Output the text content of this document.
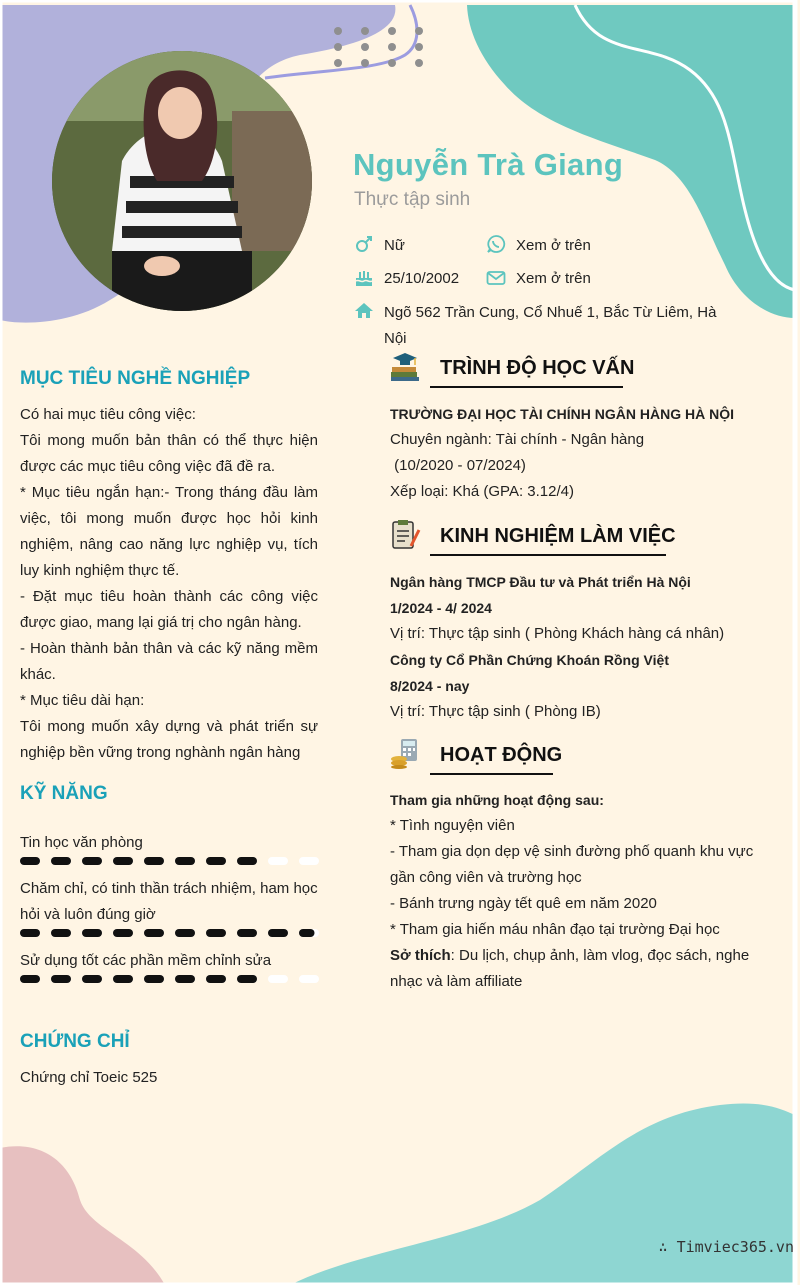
Nguyễn Trà Giang
Thực tập sinh
Nữ	Xem ở trên
25/10/2002	Xem ở trên
Ngõ 562 Trần Cung, Cổ Nhuế 1, Bắc Từ Liêm, Hà Nội
MỤC TIÊU NGHỀ NGHIỆP

Có hai mục tiêu công việc:

Tôi mong muốn bản thân có thể thực hiện được các mục tiêu công việc đã đề ra.

* Mục tiêu ngắn hạn:- Trong tháng đầu làm việc, tôi mong muốn được học hỏi kinh nghiệm, nâng cao năng lực nghiệp vụ, tích luy kinh nghiệm thực tế.

- Đặt mục tiêu hoàn thành các công việc được giao, mang lại giá trị cho ngân hàng.

- Hoàn thành bản thân và các kỹ năng mềm khác.

* Mục tiêu dài hạn:

Tôi mong muốn xây dựng và phát triển sự nghiệp bền vững trong nghành ngân hàng

KỸ NĂNG
Tin học văn phòng
Chăm chỉ, có tinh thần trách nhiệm, ham học hỏi và luôn đúng giờ
Sử dụng tốt các phần mềm chỉnh sửa
CHỨNG CHỈ
Chứng chỉ Toeic 525
TRÌNH ĐỘ HỌC VẤN
TRƯỜNG ĐẠI HỌC TÀI CHÍNH NGÂN HÀNG HÀ NỘI
Chuyên ngành: Tài chính - Ngân hàng
(10/2020 - 07/2024)
Xếp loại: Khá (GPA: 3.12/4)
KINH NGHIỆM LÀM VIỆC
Ngân hàng TMCP Đầu tư và Phát triển Hà Nội
1/2024 - 4/ 2024
Vị trí: Thực tập sinh ( Phòng Khách hàng cá nhân)
Công ty Cổ Phần Chứng Khoán Rồng Việt
8/2024 - nay
Vị trí: Thực tập sinh ( Phòng IB)
HOẠT ĐỘNG
Tham gia những hoạt động sau:
* Tình nguyện viên
- Tham gia dọn dẹp vệ sinh đường phố quanh khu vực gần công viên và trường học
- Bánh trưng ngày tết quê em năm 2020
* Tham gia hiến máu nhân đạo tại trường Đại học
Sở thích: Du lịch, chụp ảnh, làm vlog, đọc sách, nghe nhạc và làm affiliate
∴ Timviec365.vn
